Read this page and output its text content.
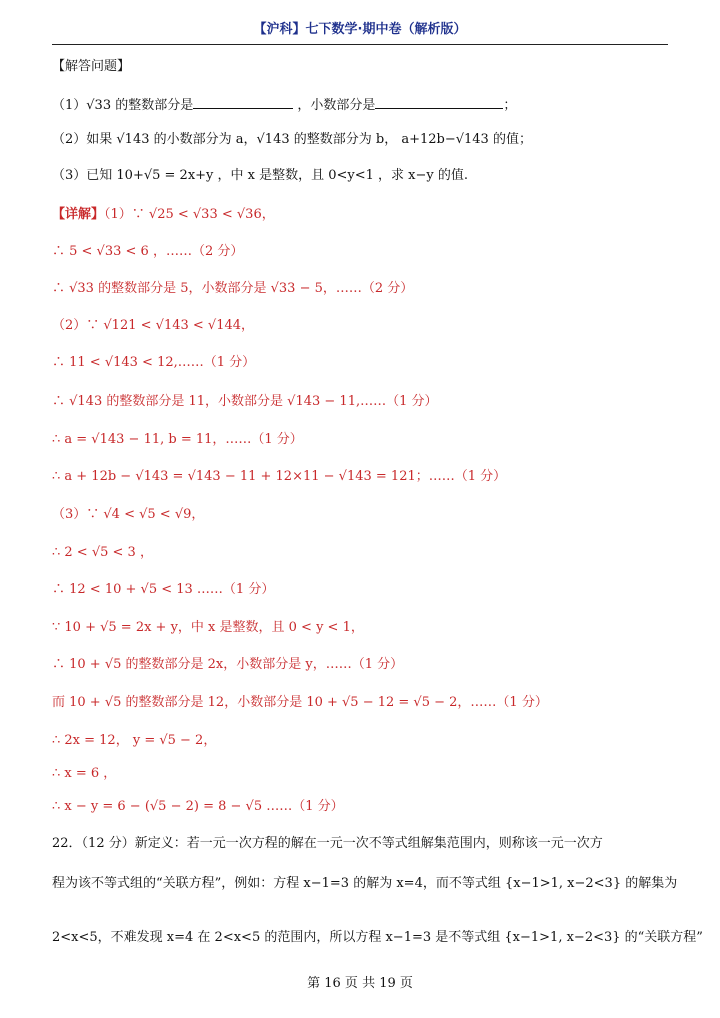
【沪科】七下数学·期中卷（解析版）
【解答问题】
（1）√33 的整数部分是	，小数部分是	；
（2）如果 √143 的小数部分为 a，√143 的整数部分为 b， a+12b−√143 的值；
（3）已知 10+√5 = 2x+y ，中 x 是整数，且 0<y<1 ，求 x−y 的值.
【详解】（1）∵ √25 < √33 < √36，
∴ 5 < √33 < 6 ，……（2 分）
∴ √33 的整数部分是 5，小数部分是 √33 − 5，……（2 分）
（2）∵ √121 < √143 < √144，
∴ 11 < √143 < 12,……（1 分）
∴ √143 的整数部分是 11，小数部分是 √143 − 11,……（1 分）
∴ a = √143 − 11, b = 11，……（1 分）
∴ a + 12b − √143 = √143 − 11 + 12×11 − √143 = 121；……（1 分）
（3）∵ √4 < √5 < √9，
∴ 2 < √5 < 3 ，
∴ 12 < 10 + √5 < 13 ……（1 分）
∵ 10 + √5 = 2x + y，中 x 是整数，且 0 < y < 1，
∴ 10 + √5 的整数部分是 2x，小数部分是 y，……（1 分）
而 10 + √5 的整数部分是 12，小数部分是 10 + √5 − 12 = √5 − 2，……（1 分）
∴ 2x = 12， y = √5 − 2，
∴ x = 6 ，
∴ x − y = 6 − (√5 − 2) = 8 − √5 ……（1 分）
22．（12 分）新定义：若一元一次方程的解在一元一次不等式组解集范围内，则称该一元一次方
程为该不等式组的“关联方程”，例如：方程 x−1=3 的解为 x=4，而不等式组 {x−1>1, x−2<3} 的解集为
2<x<5，不难发现 x=4 在 2<x<5 的范围内，所以方程 x−1=3 是不等式组 {x−1>1, x−2<3} 的“关联方程”
第 16 页 共 19 页
